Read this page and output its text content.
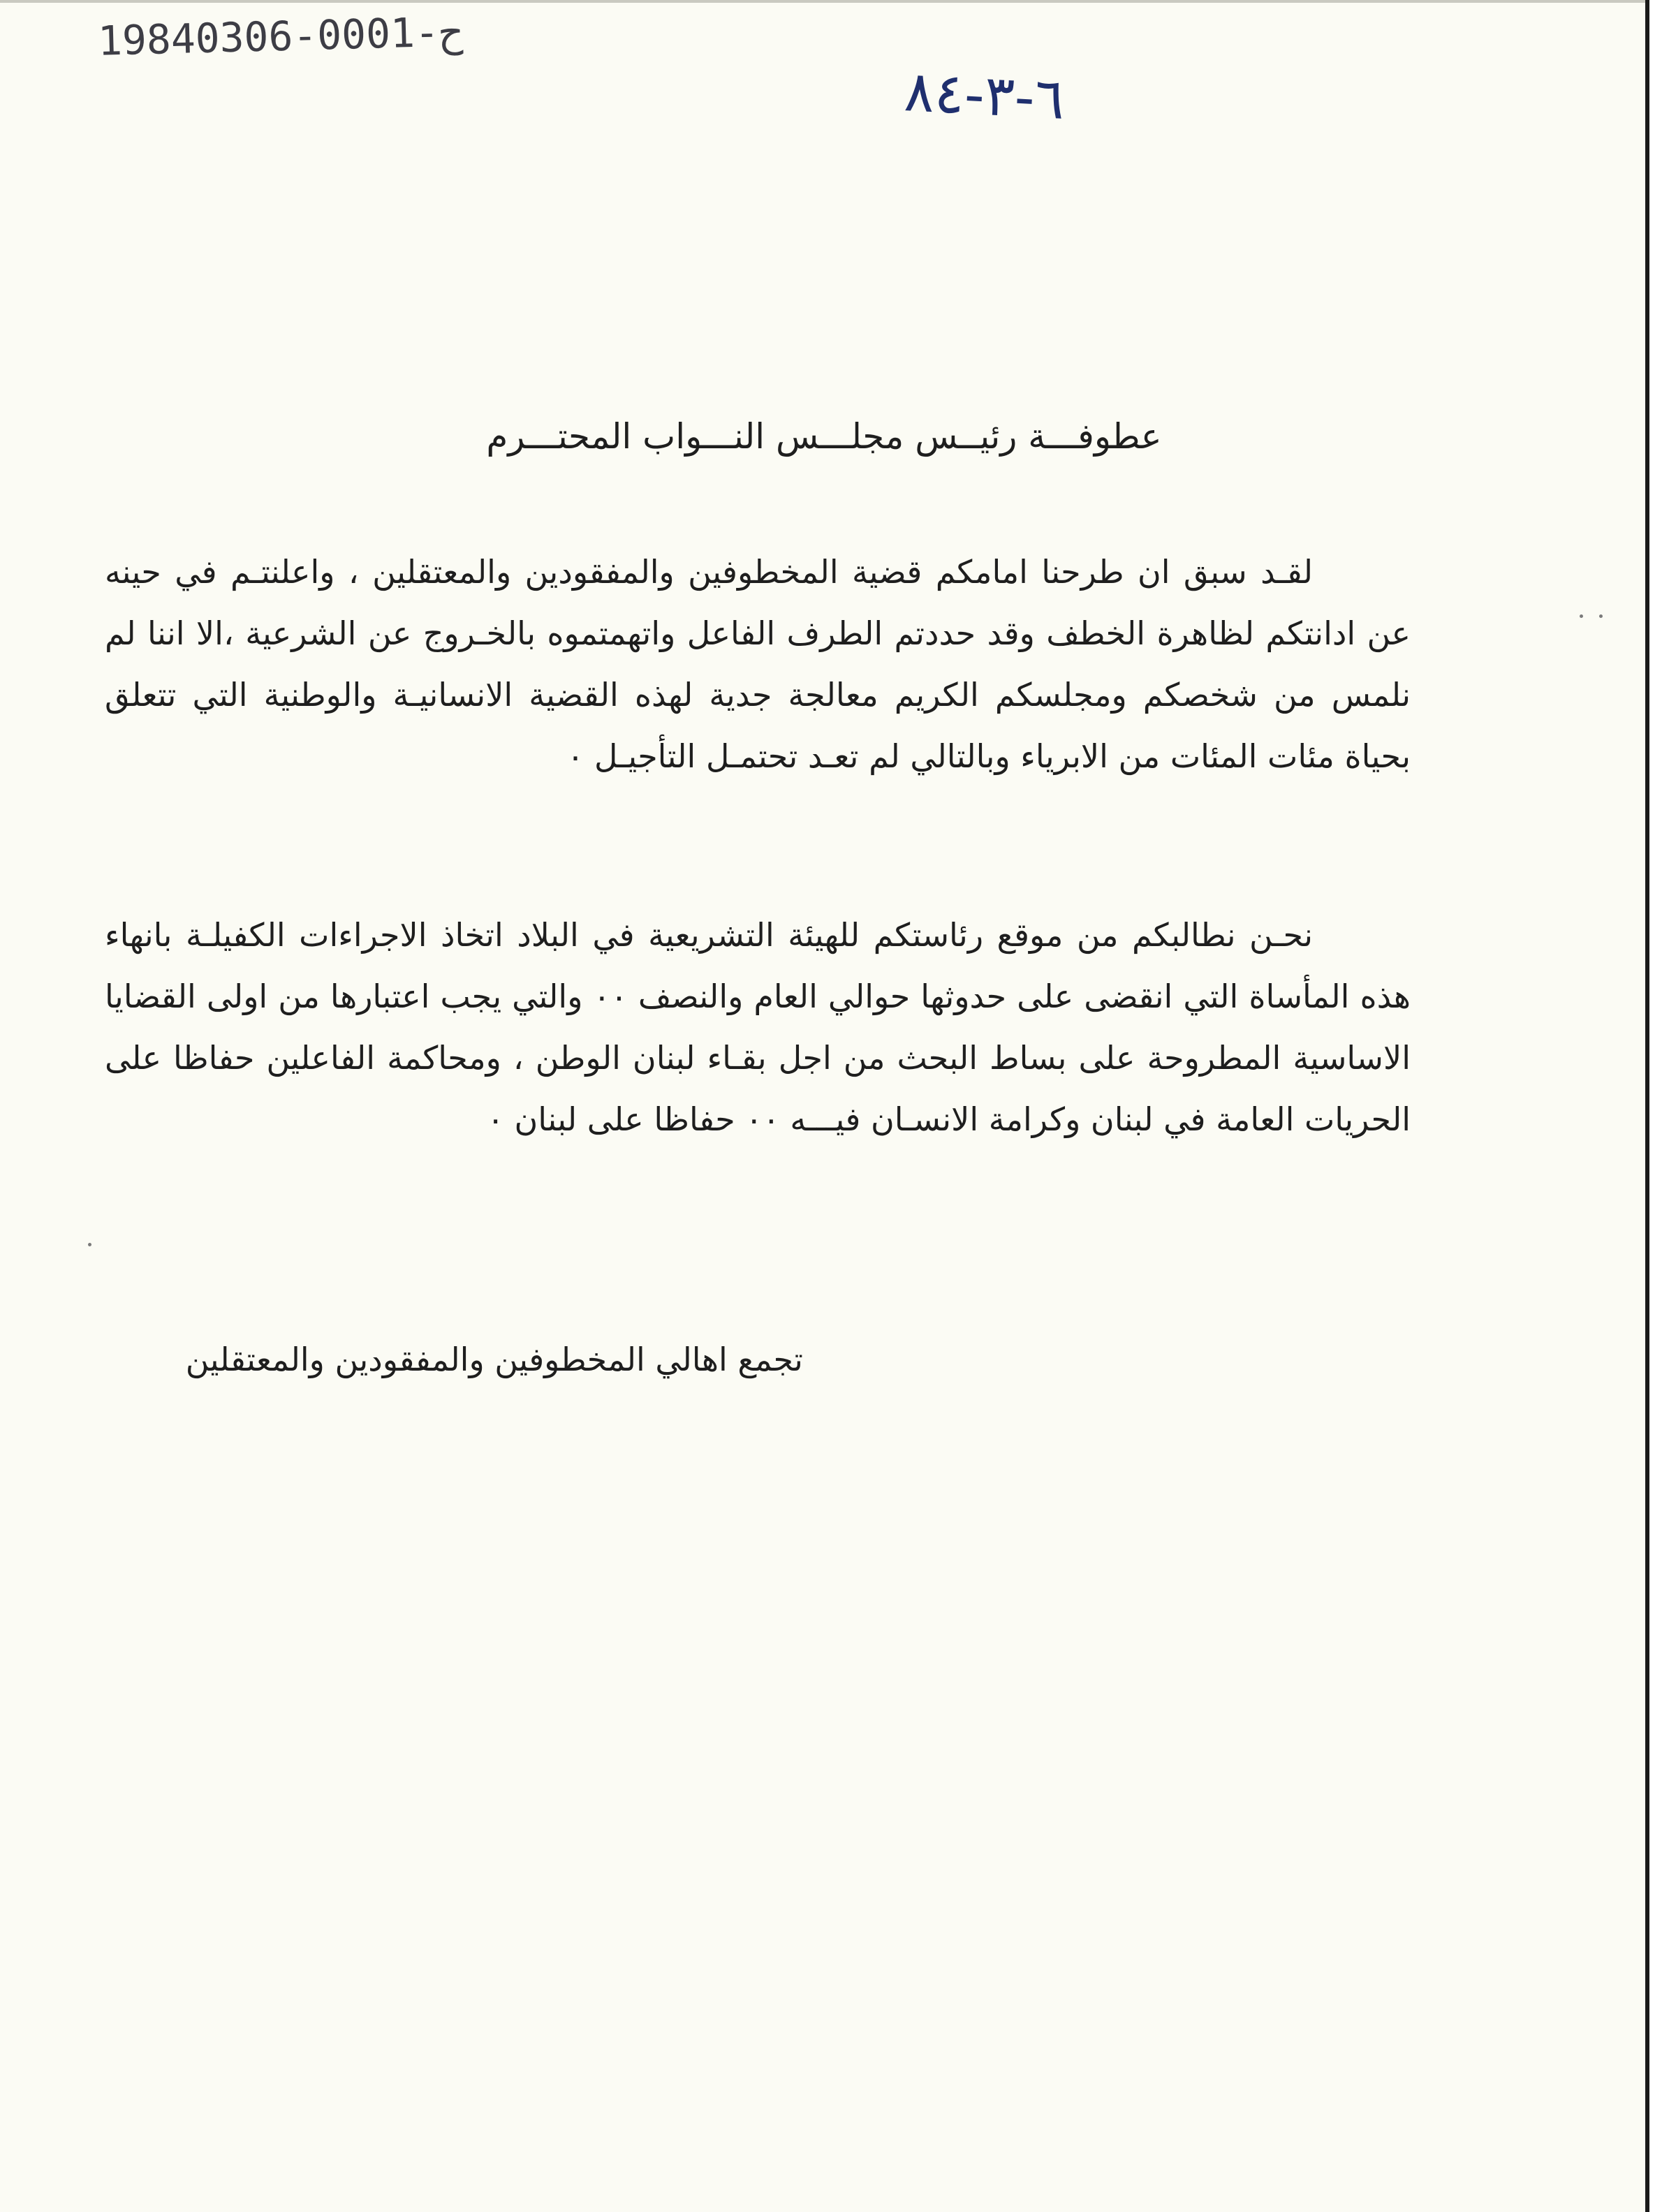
19840306-0001-ح
٦-٣-٨٤
عطوفـــة رئيــس مجلـــس النـــواب المحتـــرم

لقـد سبق ان طرحنا امامكم قضية المخطوفين والمفقودين والمعتقلين ، واعلنتـم في حينه عن ادانتكم لظاهرة الخطف وقد حددتم الطرف الفاعل واتهمتموه بالخـروج عن الشرعية ،الا اننا لم نلمس من شخصكم ومجلسكم الكريم معالجة جدية لهذه القضية الانسانيـة والوطنية التي تتعلق بحياة مئات المئات من الابرياء وبالتالي لم تعـد تحتمـل التأجيـل ٠

نحـن نطالبكم من موقع رئاستكم للهيئة التشريعية في البلاد اتخاذ الاجراءات الكفيلـة بانهاء هذه المأساة التي انقضى على حدوثها حوالي العام والنصف ٠٠ والتي يجب اعتبارها من اولى القضايا الاساسية المطروحة على بساط البحث من اجل بقـاء لبنان الوطن ، ومحاكمة الفاعلين حفاظا على الحريات العامة في لبنان وكرامة الانسـان فيـــه ٠٠ حفاظا على لبنان ٠

تجمع اهالي المخطوفين والمفقودين والمعتقلين
